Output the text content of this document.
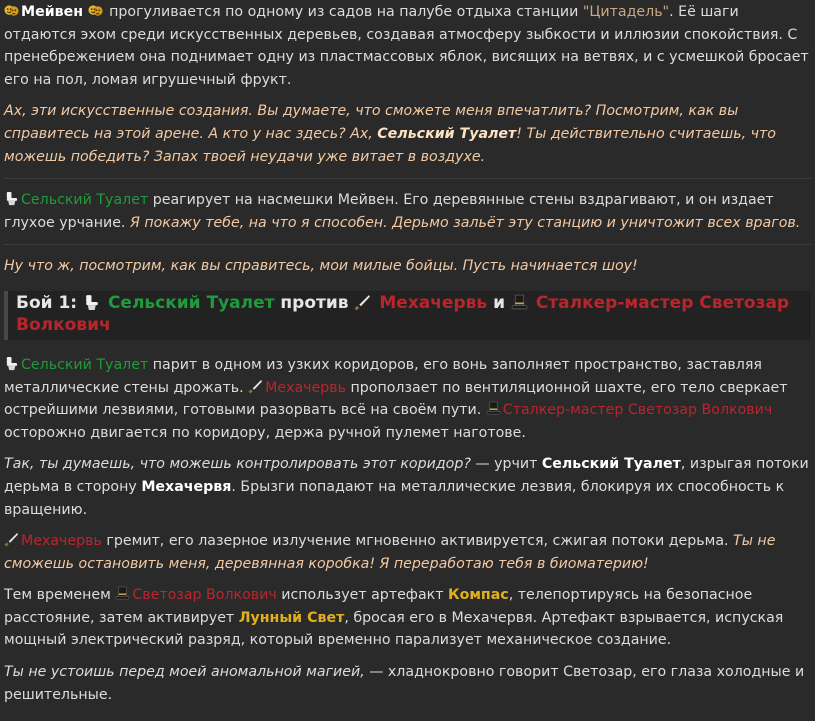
Мейвен прогуливается по одному из садов на палубе отдыха станции "Цитадель". Её шаги отдаются эхом среди искусственных деревьев, создавая атмосферу зыбкости и иллюзии спокойствия. С пренебрежением она поднимает одну из пластмассовых яблок, висящих на ветвях, и с усмешкой бросает его на пол, ломая игрушечный фрукт.

Ах, эти искусственные создания. Вы думаете, что сможете меня впечатлить? Посмотрим, как вы справитесь на этой арене. А кто у нас здесь? Ах, Сельский Туалет! Ты действительно считаешь, что можешь победить? Запах твоей неудачи уже витает в воздухе.

Сельский Туалет реагирует на насмешки Мейвен. Его деревянные стены вздрагивают, и он издает глухое урчание. Я покажу тебе, на что я способен. Дерьмо зальёт эту станцию и уничтожит всех врагов.

Ну что ж, посмотрим, как вы справитесь, мои милые бойцы. Пусть начинается шоу!

Бой 1: Сельский Туалет против Мехачервь и Сталкер-мастер Светозар Волкович

Сельский Туалет парит в одном из узких коридоров, его вонь заполняет пространство, заставляя металлические стены дрожать. Мехачервь проползает по вентиляционной шахте, его тело сверкает острейшими лезвиями, готовыми разорвать всё на своём пути. Сталкер-мастер Светозар Волкович осторожно двигается по коридору, держа ручной пулемет наготове.

Так, ты думаешь, что можешь контролировать этот коридор? — урчит Сельский Туалет, изрыгая потоки дерьма в сторону Мехачервя. Брызги попадают на металлические лезвия, блокируя их способность к вращению.

Мехачервь гремит, его лазерное излучение мгновенно активируется, сжигая потоки дерьма. Ты не сможешь остановить меня, деревянная коробка! Я переработаю тебя в биоматерию!

Тем временем Светозар Волкович использует артефакт Компас, телепортируясь на безопасное расстояние, затем активирует Лунный Свет, бросая его в Мехачервя. Артефакт взрывается, испуская мощный электрический разряд, который временно парализует механическое создание.

Ты не устоишь перед моей аномальной магией, — хладнокровно говорит Светозар, его глаза холодные и решительные.
